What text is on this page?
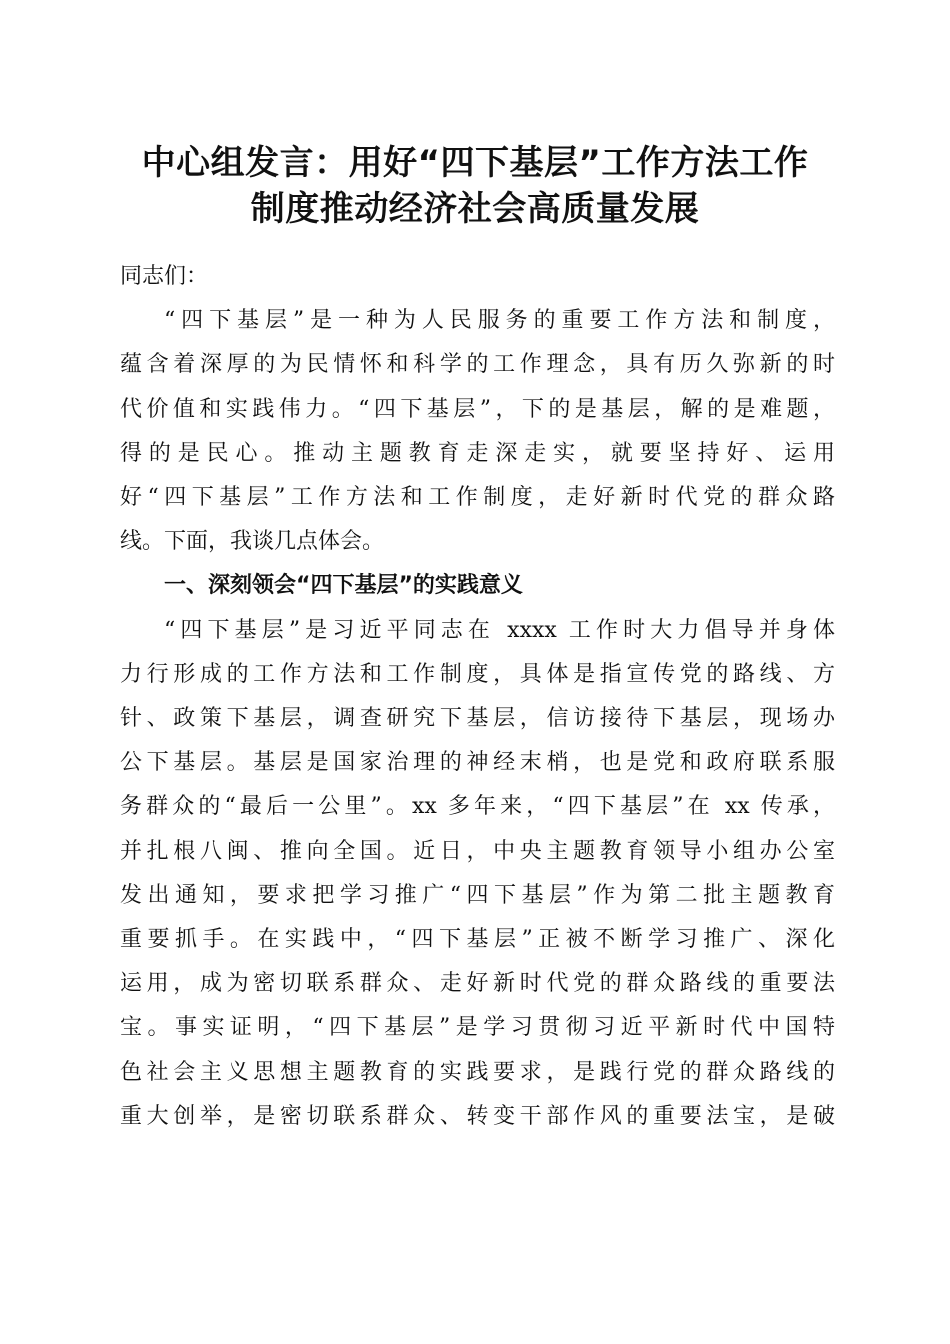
中心组发言：用好“四下基层”工作方法工作
制度推动经济社会高质量发展
同志们：
“四下基层”是一种为人民服务的重要工作方法和制度，
蕴含着深厚的为民情怀和科学的工作理念，具有历久弥新的时
代价值和实践伟力。“四下基层”，下的是基层，解的是难题，
得的是民心。推动主题教育走深走实，就要坚持好、运用
好“四下基层”工作方法和工作制度，走好新时代党的群众路
线。下面，我谈几点体会。
一、深刻领会“四下基层”的实践意义
“四下基层”是习近平同志在 xxxx 工作时大力倡导并身体
力行形成的工作方法和工作制度，具体是指宣传党的路线、方
针、政策下基层，调查研究下基层，信访接待下基层，现场办
公下基层。基层是国家治理的神经末梢，也是党和政府联系服
务群众的“最后一公里”。xx 多年来，“四下基层”在 xx 传承，
并扎根八闽、推向全国。近日，中央主题教育领导小组办公室
发出通知，要求把学习推广“四下基层”作为第二批主题教育
重要抓手。在实践中，“四下基层”正被不断学习推广、深化
运用，成为密切联系群众、走好新时代党的群众路线的重要法
宝。事实证明，“四下基层”是学习贯彻习近平新时代中国特
色社会主义思想主题教育的实践要求，是践行党的群众路线的
重大创举，是密切联系群众、转变干部作风的重要法宝，是破
